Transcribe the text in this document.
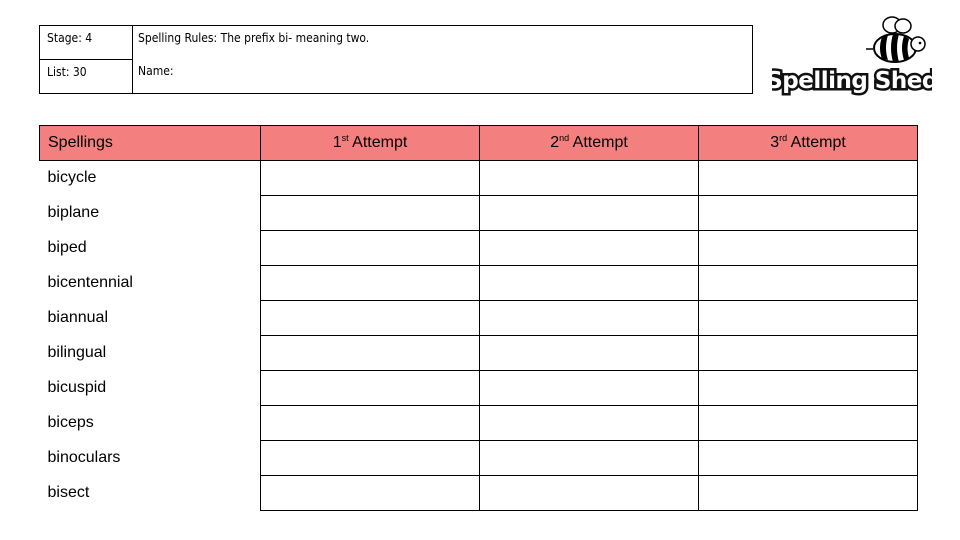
Stage: 4
List: 30
Spelling Rules: The prefix bi- meaning two.
Name:	Spelling Shed
Spellings	1st Attempt	2nd Attempt	3rd Attempt
bicycle			
biplane			
biped			
bicentennial			
biannual			
bilingual			
bicuspid			
biceps			
binoculars			
bisect			
